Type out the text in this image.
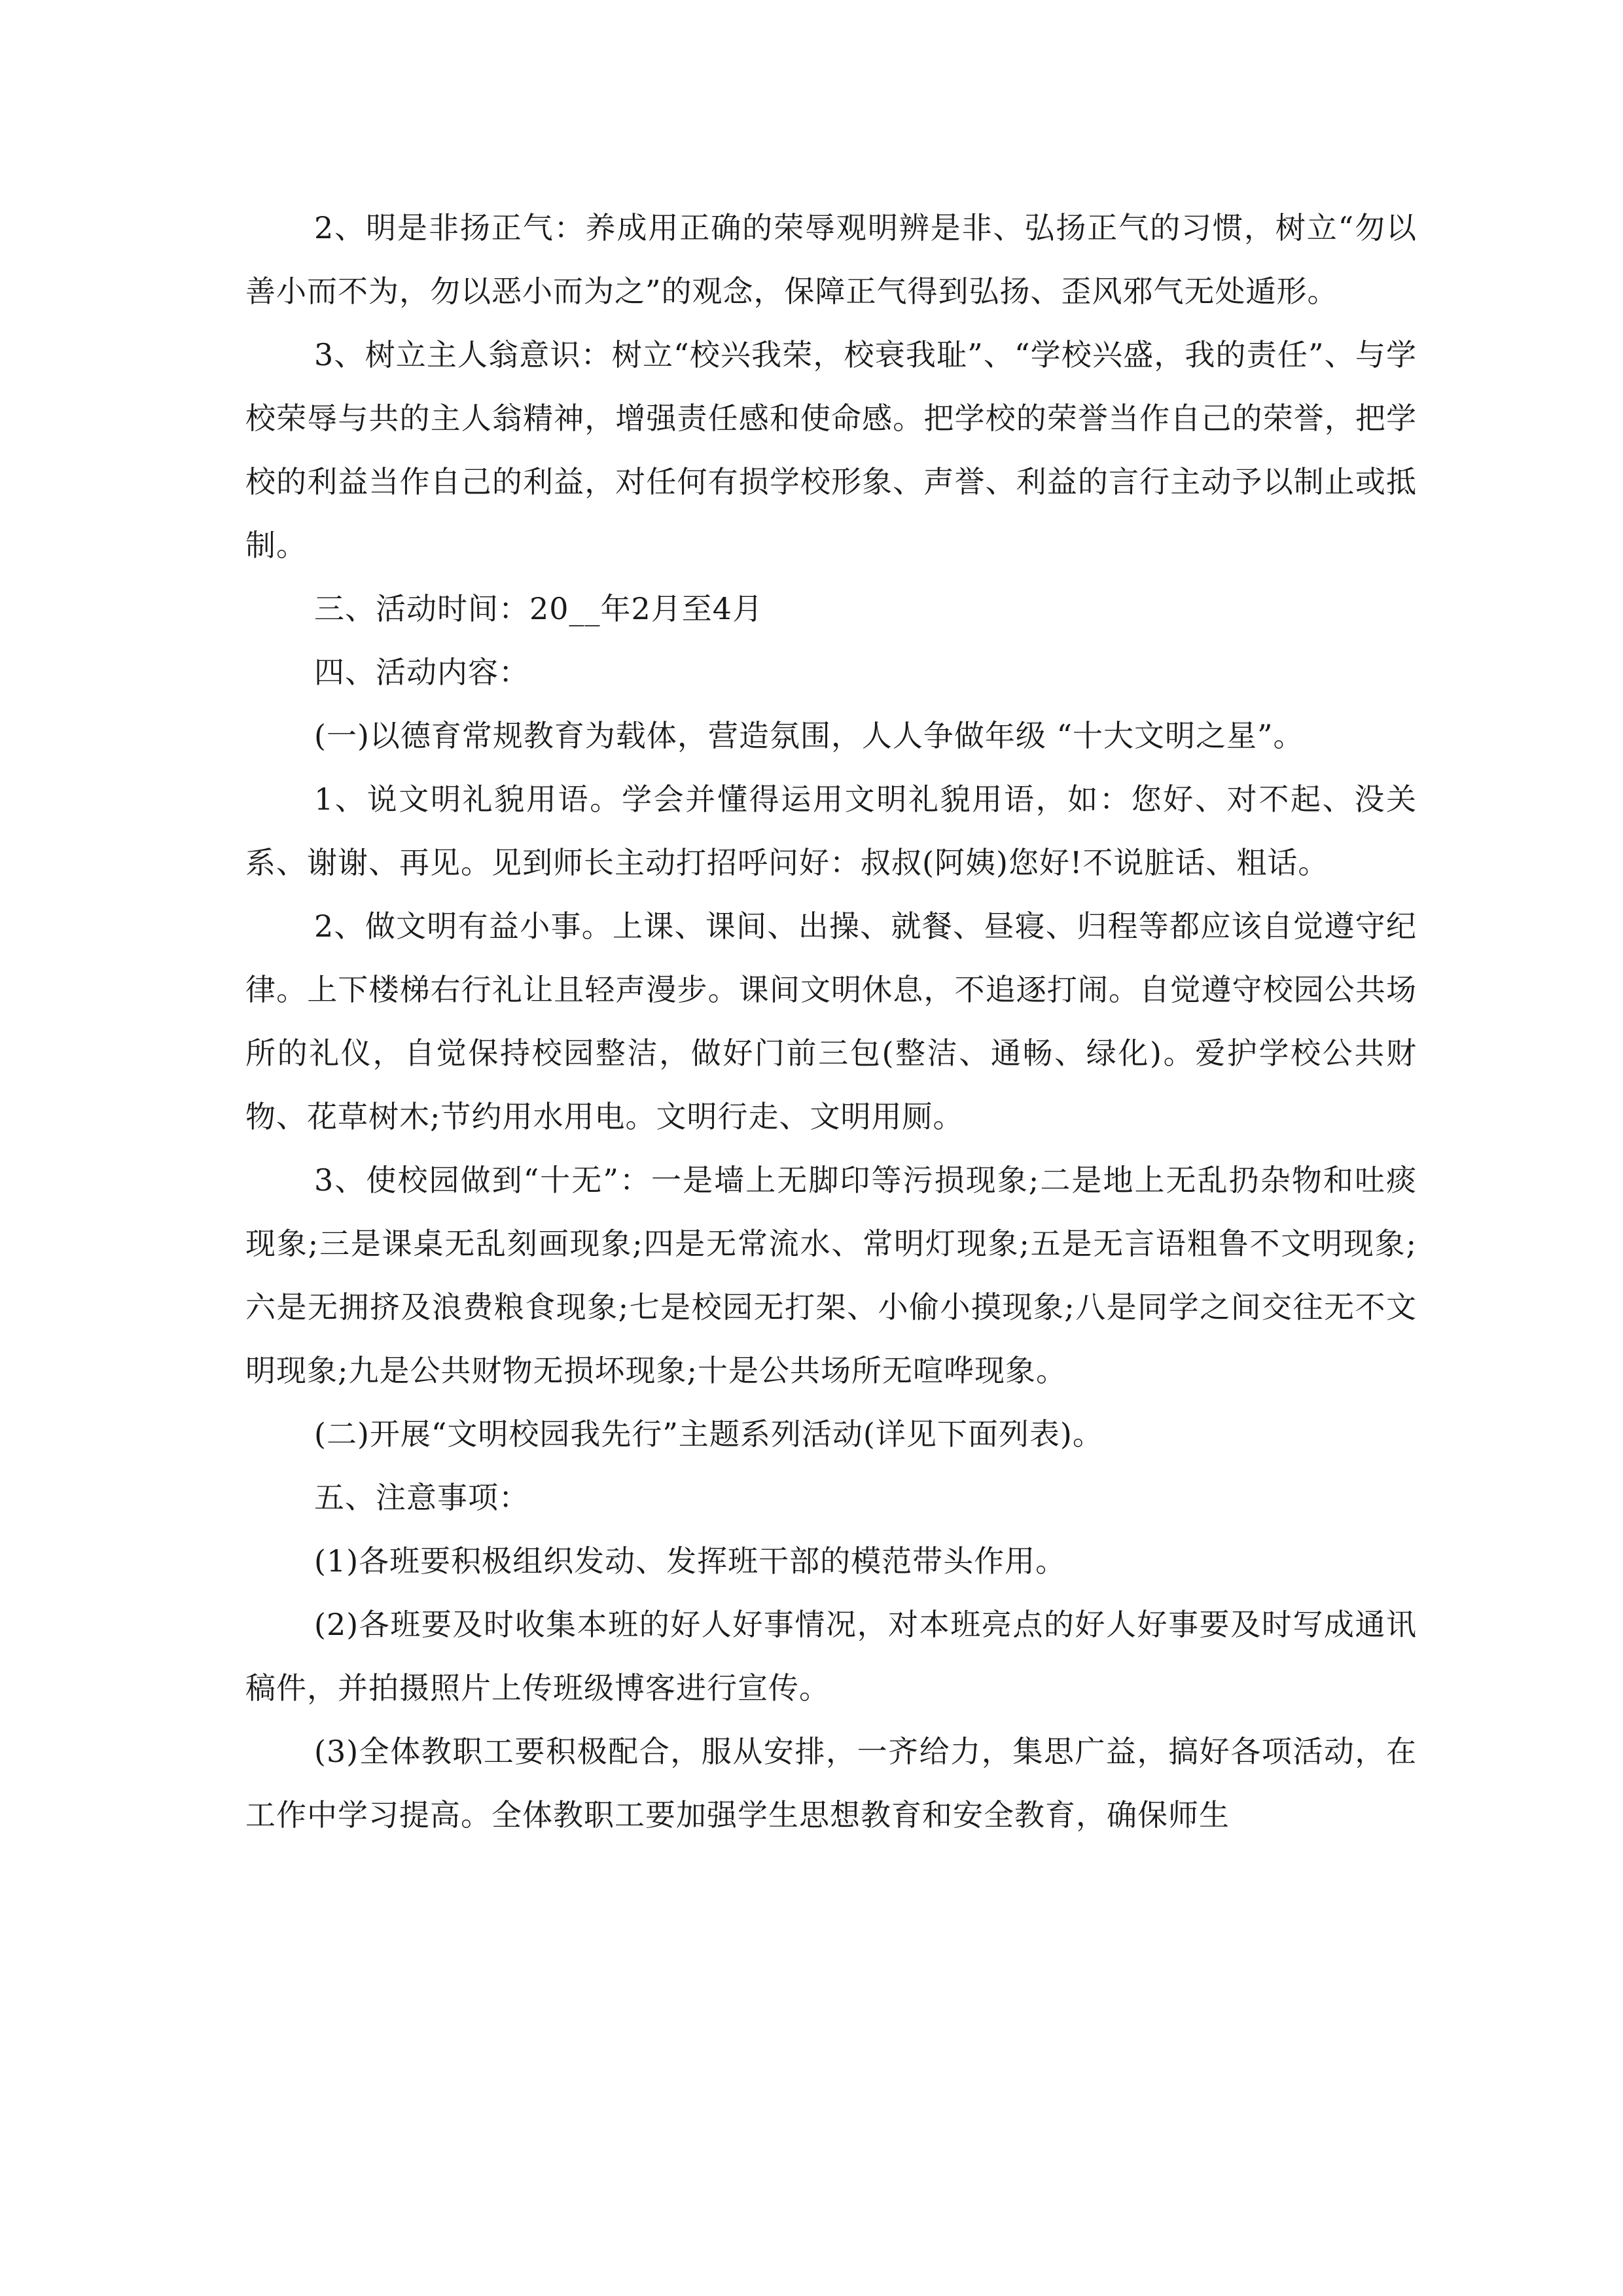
2、明是非扬正气：养成用正确的荣辱观明辨是非、弘扬正气的习惯，树立“勿以善小而不为，勿以恶小而为之”的观念，保障正气得到弘扬、歪风邪气无处遁形。

3、树立主人翁意识：树立“校兴我荣，校衰我耻”、“学校兴盛，我的责任”、与学校荣辱与共的主人翁精神，增强责任感和使命感。把学校的荣誉当作自己的荣誉，把学校的利益当作自己的利益，对任何有损学校形象、声誉、利益的言行主动予以制止或抵制。

三、活动时间：20__年2月至4月

四、活动内容：

(一)以德育常规教育为载体，营造氛围，人人争做年级 “十大文明之星”。

1、说文明礼貌用语。学会并懂得运用文明礼貌用语，如：您好、对不起、没关系、谢谢、再见。见到师长主动打招呼问好：叔叔(阿姨)您好!不说脏话、粗话。

2、做文明有益小事。上课、课间、出操、就餐、昼寝、归程等都应该自觉遵守纪律。上下楼梯右行礼让且轻声漫步。课间文明休息，不追逐打闹。自觉遵守校园公共场所的礼仪，自觉保持校园整洁，做好门前三包(整洁、通畅、绿化)。爱护学校公共财物、花草树木;节约用水用电。文明行走、文明用厕。

3、使校园做到“十无”：一是墙上无脚印等污损现象;二是地上无乱扔杂物和吐痰现象;三是课桌无乱刻画现象;四是无常流水、常明灯现象;五是无言语粗鲁不文明现象;六是无拥挤及浪费粮食现象;七是校园无打架、小偷小摸现象;八是同学之间交往无不文明现象;九是公共财物无损坏现象;十是公共场所无喧哗现象。

(二)开展“文明校园我先行”主题系列活动(详见下面列表)。

五、注意事项：

(1)各班要积极组织发动、发挥班干部的模范带头作用。

(2)各班要及时收集本班的好人好事情况，对本班亮点的好人好事要及时写成通讯稿件，并拍摄照片上传班级博客进行宣传。

(3)全体教职工要积极配合，服从安排，一齐给力，集思广益，搞好各项活动，在工作中学习提高。全体教职工要加强学生思想教育和安全教育，确保师生
